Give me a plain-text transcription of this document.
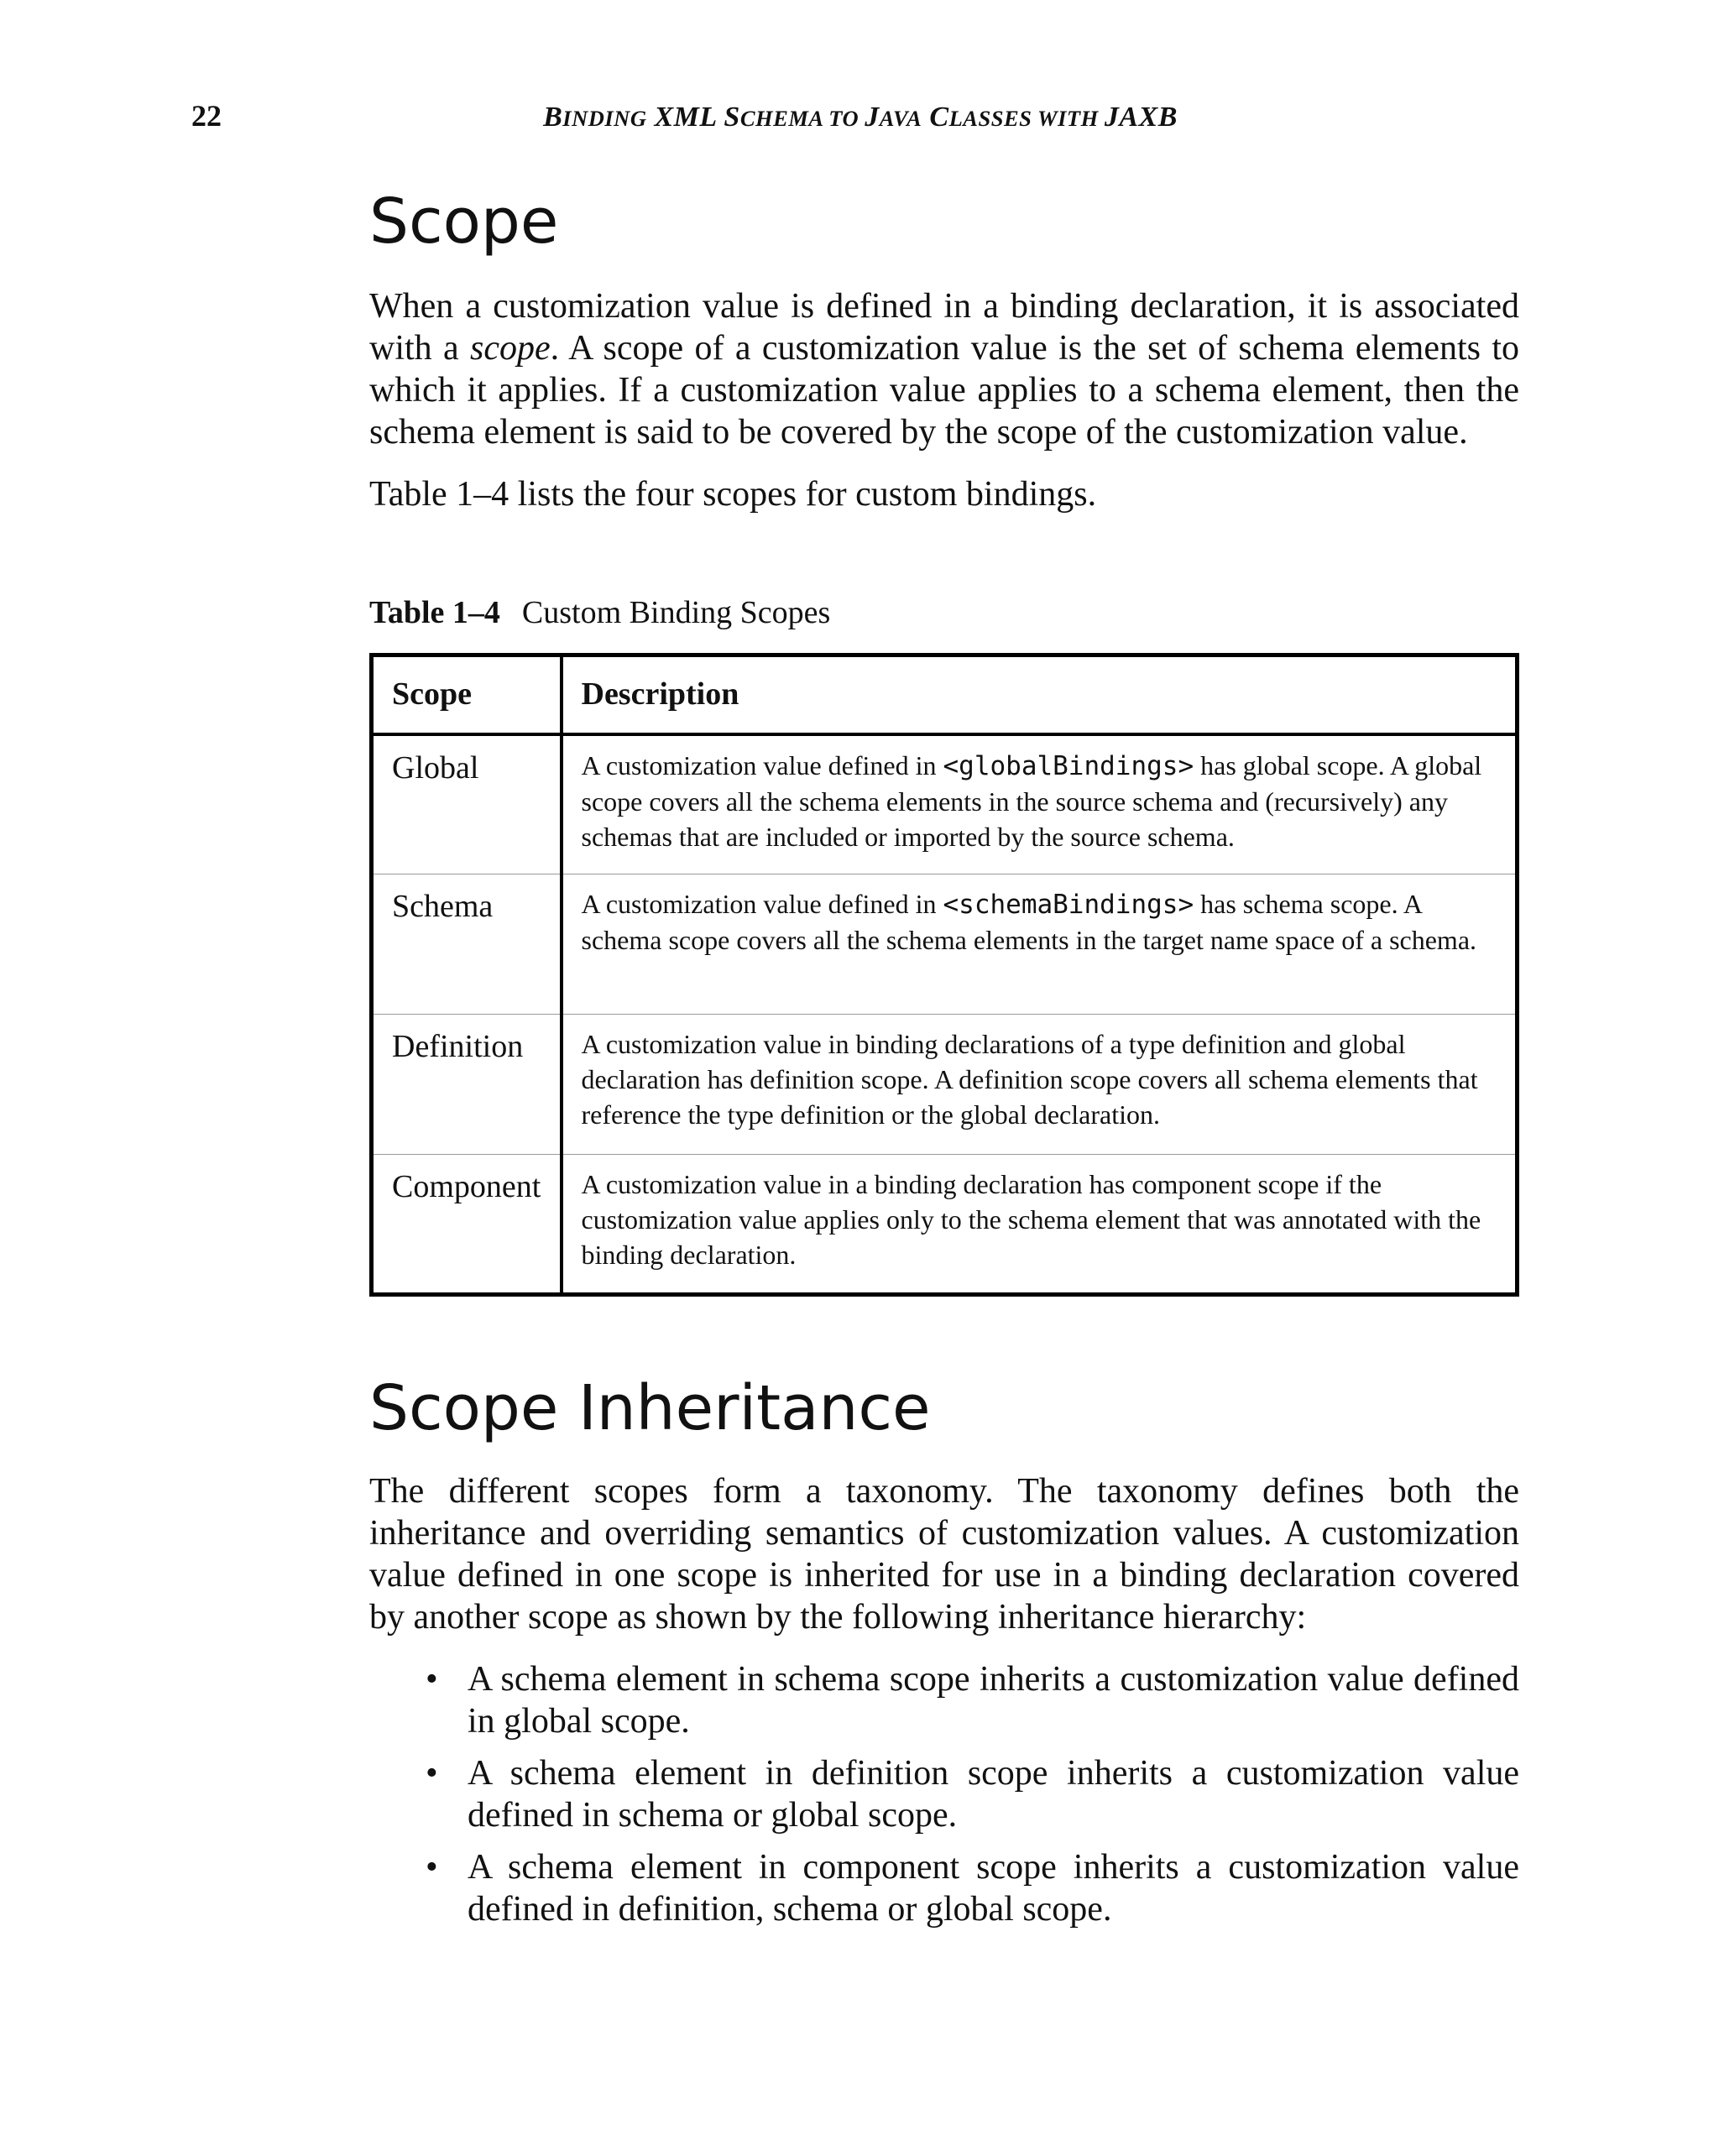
22	BINDING XML SCHEMA TO JAVA CLASSES WITH JAXB
Scope

When a customization value is defined in a binding declaration, it is associated with a scope. A scope of a customization value is the set of schema elements to which it applies. If a customization value applies to a schema element, then the schema element is said to be covered by the scope of the customization value.

Table 1–4 lists the four scopes for custom bindings.

Table 1–4 Custom Binding Scopes
Scope	Description
Global	A customization value defined in <globalBindings> has global scope. A global scope covers all the schema elements in the source schema and (recursively) any schemas that are included or imported by the source schema.
Schema	A customization value defined in <schemaBindings> has schema scope. A schema scope covers all the schema elements in the target name space of a schema.
Definition	A customization value in binding declarations of a type definition and global declaration has definition scope. A definition scope covers all schema elements that reference the type definition or the global declaration.
Component	A customization value in a binding declaration has component scope if the customization value applies only to the schema element that was annotated with the binding declaration.
Scope Inheritance

The different scopes form a taxonomy. The taxonomy defines both the inheritance and overriding semantics of customization values. A customization value defined in one scope is inherited for use in a binding declaration covered by another scope as shown by the following inheritance hierarchy:

• A schema element in schema scope inherits a customization value defined in global scope.
• A schema element in definition scope inherits a customization value defined in schema or global scope.
• A schema element in component scope inherits a customization value defined in definition, schema or global scope.
